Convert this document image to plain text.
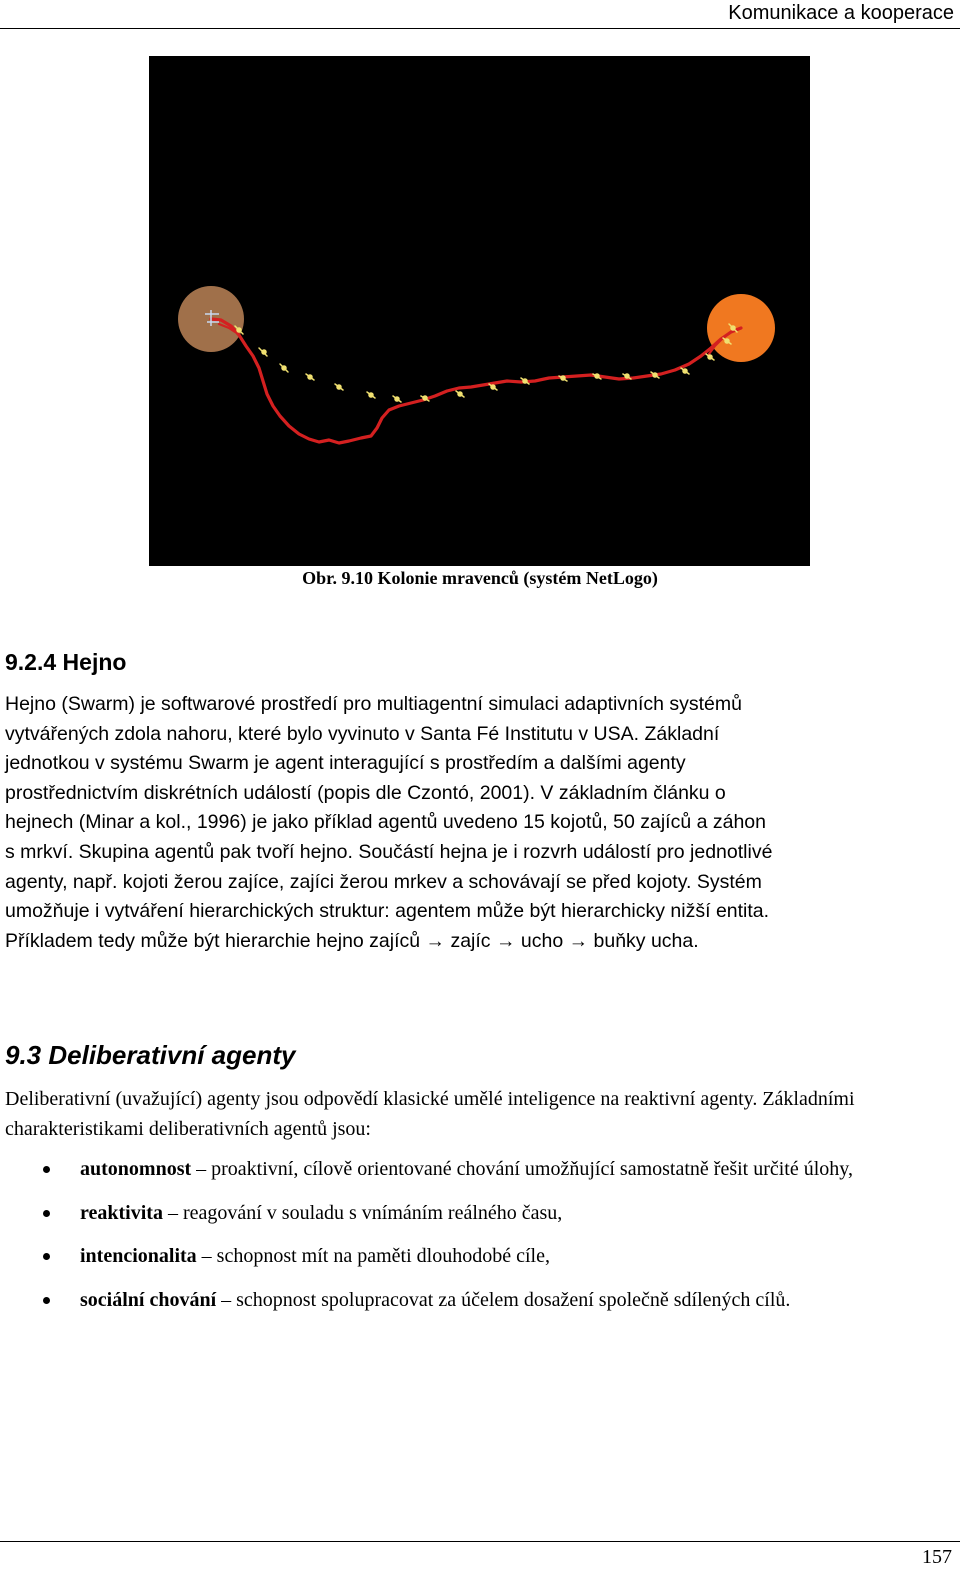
Komunikace a kooperace
Obr. 9.10 Kolonie mravenců (systém NetLogo)
9.2.4 Hejno
Hejno (Swarm) je softwarové prostředí pro multiagentní simulaci adaptivních systémů
vytvářených zdola nahoru, které bylo vyvinuto v Santa Fé Institutu v USA. Základní
jednotkou v systému Swarm je agent interagující s prostředím a dalšími agenty
prostřednictvím diskrétních událostí (popis dle Czontó, 2001). V základním článku o
hejnech (Minar a kol., 1996) je jako příklad agentů uvedeno 15 kojotů, 50 zajíců a záhon
s mrkví. Skupina agentů pak tvoří hejno. Součástí hejna je i rozvrh událostí pro jednotlivé
agenty, např. kojoti žerou zajíce, zajíci žerou mrkev a schovávají se před kojoty. Systém
umožňuje i vytváření hierarchických struktur: agentem může být hierarchicky nižší entita.
Příkladem tedy může být hierarchie hejno zajíců → zajíc → ucho → buňky ucha.
9.3 Deliberativní agenty
Deliberativní (uvažující) agenty jsou odpovědí klasické umělé inteligence na reaktivní agenty. Základními charakteristikami deliberativních agentů jsou:
autonomnost – proaktivní, cílově orientované chování umožňující samostatně řešit určité úlohy,
reaktivita – reagování v souladu s vnímáním reálného času,
intencionalita – schopnost mít na paměti dlouhodobé cíle,
sociální chování – schopnost spolupracovat za účelem dosažení společně sdílených cílů.
157
